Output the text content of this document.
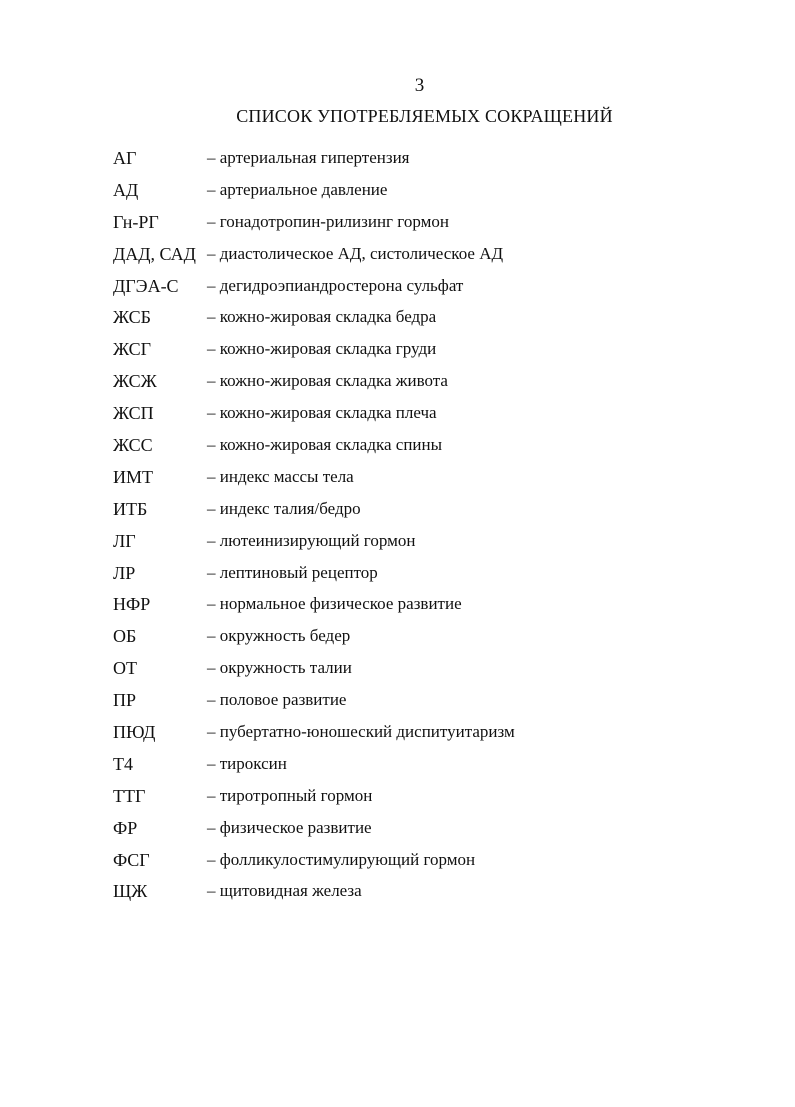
3
СПИСОК УПОТРЕБЛЯЕМЫХ СОКРАЩЕНИЙ
АГ	– артериальная гипертензия
АД	– артериальное давление
Гн-РГ	– гонадотропин-рилизинг гормон
ДАД, САД – диастолическое АД, систолическое АД
ДГЭА-С – дегидроэпиандростерона сульфат
ЖСБ	– кожно-жировая складка бедра
ЖСГ	– кожно-жировая складка груди
ЖСЖ	– кожно-жировая складка живота
ЖСП	– кожно-жировая складка плеча
ЖСС	– кожно-жировая складка спины
ИМТ	– индекс массы тела
ИТБ	– индекс талия/бедро
ЛГ	– лютеинизирующий гормон
ЛР	– лептиновый рецептор
НФР	– нормальное физическое развитие
ОБ	– окружность бедер
ОТ	– окружность талии
ПР	– половое развитие
ПЮД	– пубертатно-юношеский диспитуитаризм
Т4	– тироксин
ТТГ	– тиротропный гормон
ФР	– физическое развитие
ФСГ	– фолликулостимулирующий гормон
ЩЖ	– щитовидная железа
